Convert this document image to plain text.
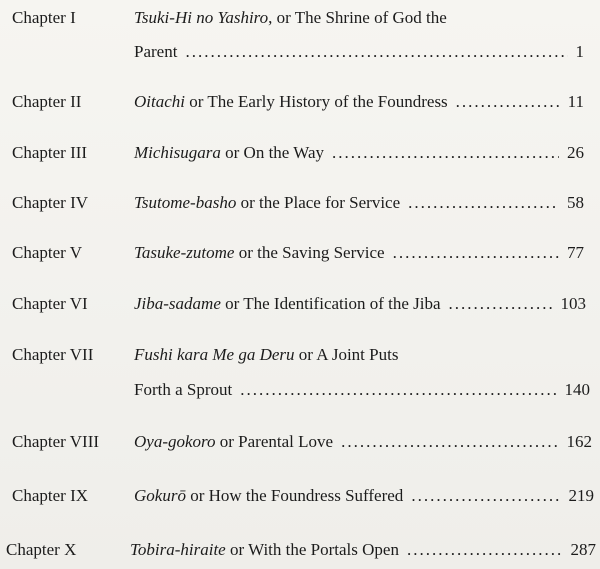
Chapter I	Tsuki-Hi no Yashiro, or The Shrine of God the
Parent .....	1
Chapter II	Oitachi or The Early History of the Foundress .....	11
Chapter III	Michisugara or On the Way .....	26
Chapter IV	Tsutome-basho or the Place for Service .....	58
Chapter V	Tasuke-zutome or the Saving Service .....	77
Chapter VI	Jiba-sadame or The Identification of the Jiba .....	103
Chapter VII Fushi kara Me ga Deru or A Joint Puts
Forth a Sprout .....	140
Chapter VIII Oya-gokoro or Parental Love .....	162
Chapter IX	Gokurō or How the Foundress Suffered .....	219
Chapter X	Tobira-hiraite or With the Portals Open .....	287
